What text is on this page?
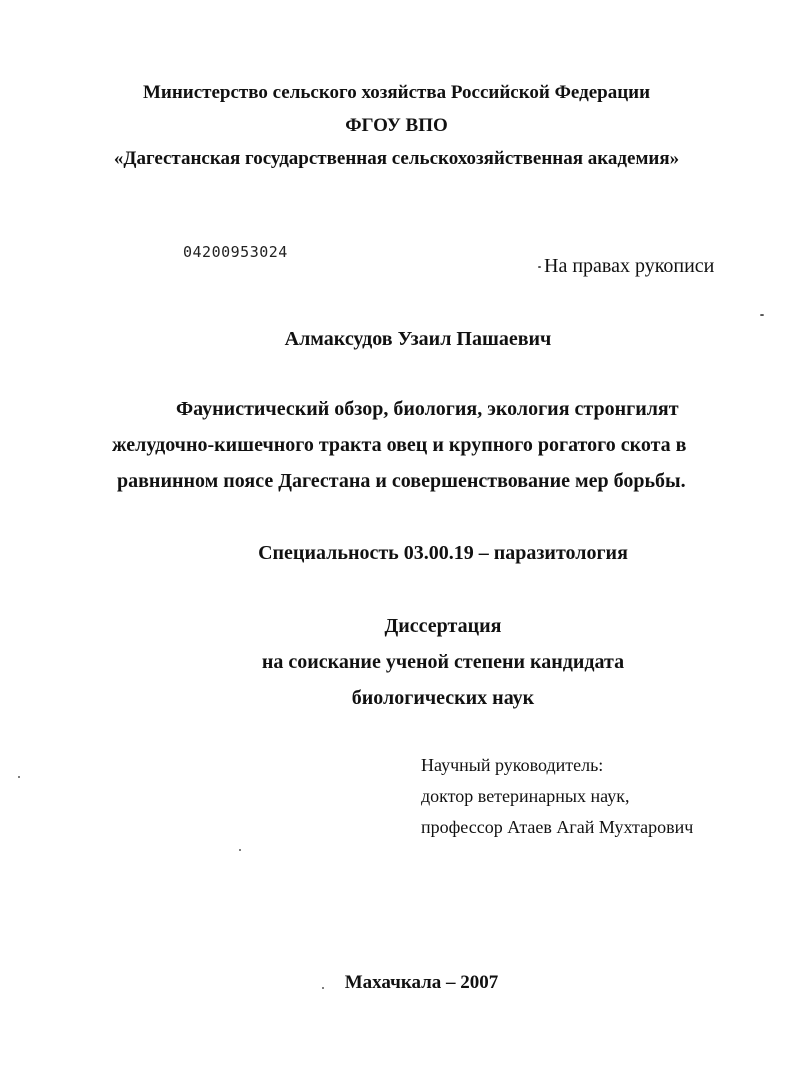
Министерство сельского хозяйства Российской Федерации
ФГОУ ВПО
«Дагестанская государственная сельскохозяйственная академия»
04200953024
На правах рукописи
Алмаксудов Узаил Пашаевич
Фаунистический обзор, биология, экология стронгилят
желудочно-кишечного тракта овец и крупного рогатого скота в
равнинном поясе Дагестана и совершенствование мер борьбы.
Специальность 03.00.19 – паразитология
Диссертация
на соискание ученой степени кандидата
биологических наук
Научный руководитель:
доктор ветеринарных наук,
профессор Атаев Агай Мухтарович
Махачкала – 2007
